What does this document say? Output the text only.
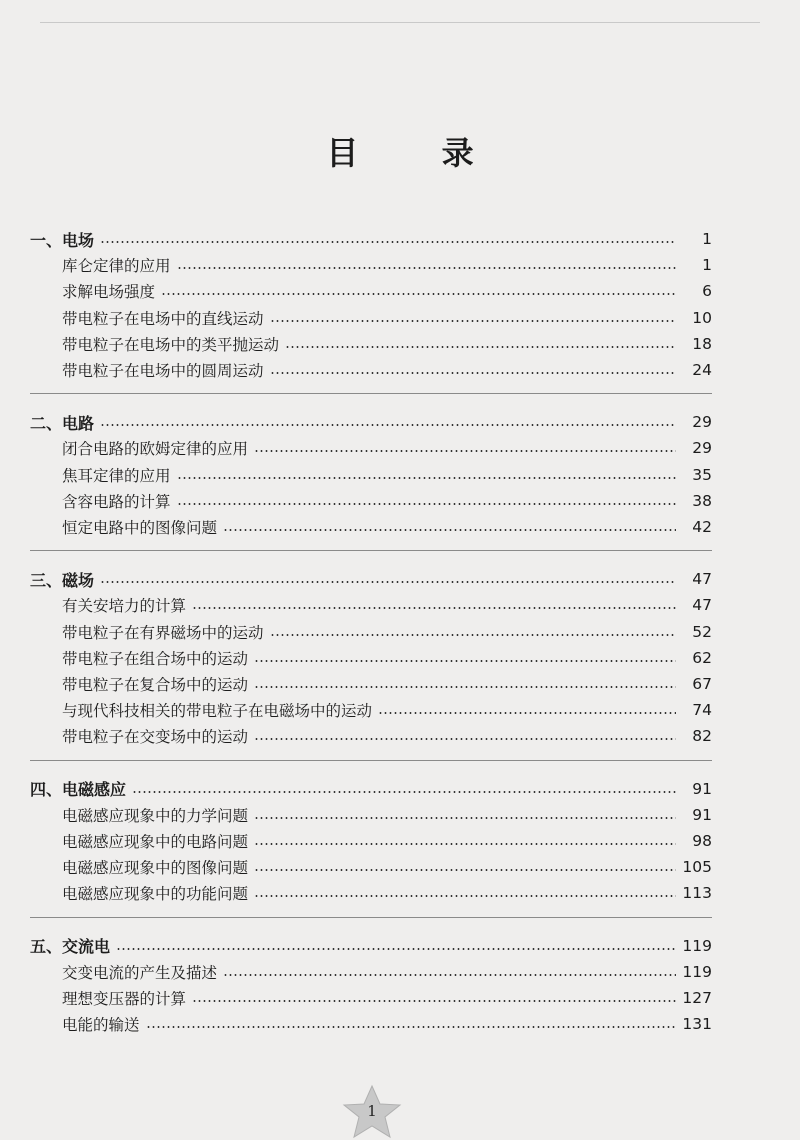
目 录
一、电场	1
库仑定律的应用	1
求解电场强度	6
带电粒子在电场中的直线运动	10
带电粒子在电场中的类平抛运动	18
带电粒子在电场中的圆周运动	24
二、电路	29
闭合电路的欧姆定律的应用	29
焦耳定律的应用	35
含容电路的计算	38
恒定电路中的图像问题	42
三、磁场	47
有关安培力的计算	47
带电粒子在有界磁场中的运动	52
带电粒子在组合场中的运动	62
带电粒子在复合场中的运动	67
与现代科技相关的带电粒子在电磁场中的运动	74
带电粒子在交变场中的运动	82
四、电磁感应	91
电磁感应现象中的力学问题	91
电磁感应现象中的电路问题	98
电磁感应现象中的图像问题	105
电磁感应现象中的功能问题	113
五、交流电	119
交变电流的产生及描述	119
理想变压器的计算	127
电能的输送	131
1
